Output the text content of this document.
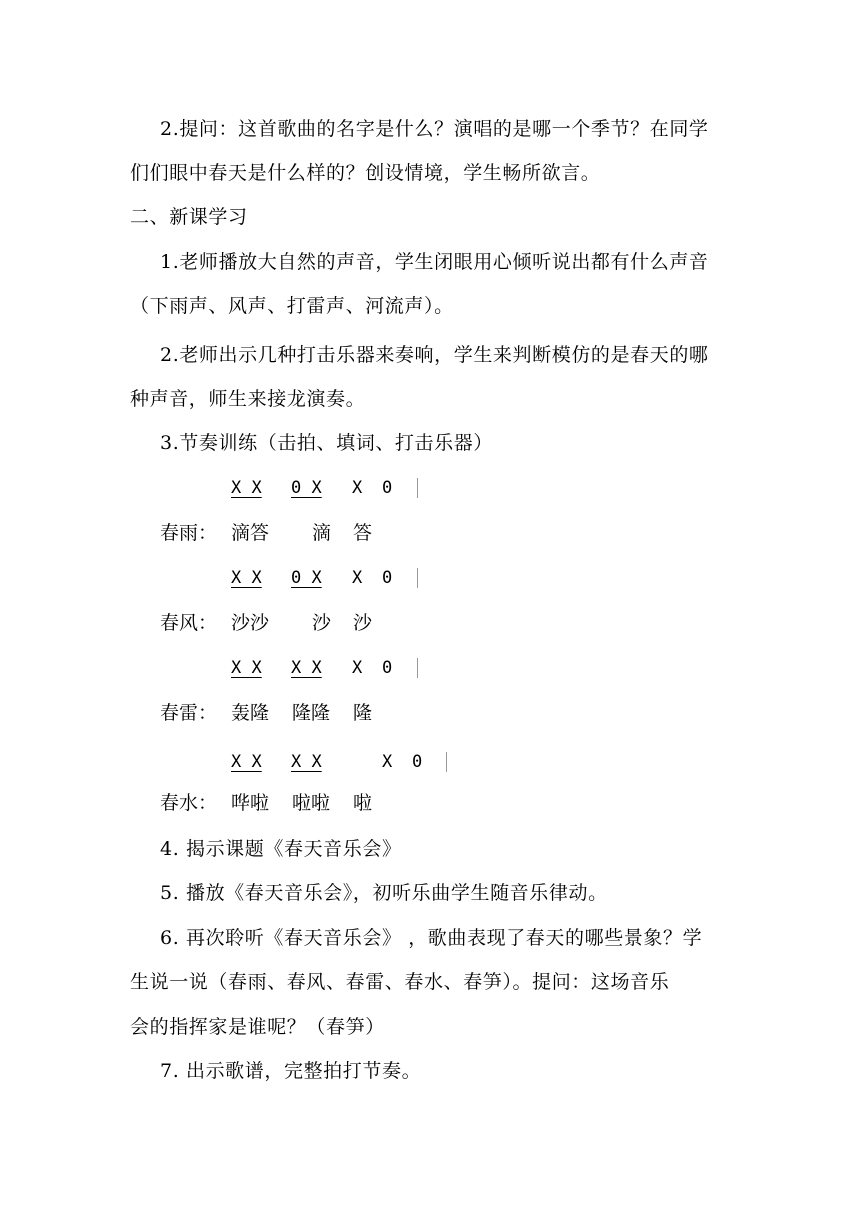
2.提问：这首歌曲的名字是什么？演唱的是哪一个季节？在同学
们们眼中春天是什么样的？创设情境，学生畅所欲言。
二、新课学习
1.老师播放大自然的声音，学生闭眼用心倾听说出都有什么声音
（下雨声、风声、打雷声、河流声）。
2.老师出示几种打击乐器来奏响，学生来判断模仿的是春天的哪
种声音，师生来接龙演奏。
3.节奏训练（击拍、填词、打击乐器）
X X 0 X X 0
春雨： 滴答 滴 答
X X 0 X X 0
春风： 沙沙 沙 沙
X X X X X 0
春雷： 轰隆 隆隆 隆
X X X X	X 0
春水： 哗啦 啦啦 啦
4. 揭示课题《春天音乐会》
5. 播放《春天音乐会》，初听乐曲学生随音乐律动。
6. 再次聆听《春天音乐会》 ，歌曲表现了春天的哪些景象？学
生说一说（春雨、春风、春雷、春水、春笋）。提问：这场音乐
会的指挥家是谁呢？（春笋）
7. 出示歌谱，完整拍打节奏。
